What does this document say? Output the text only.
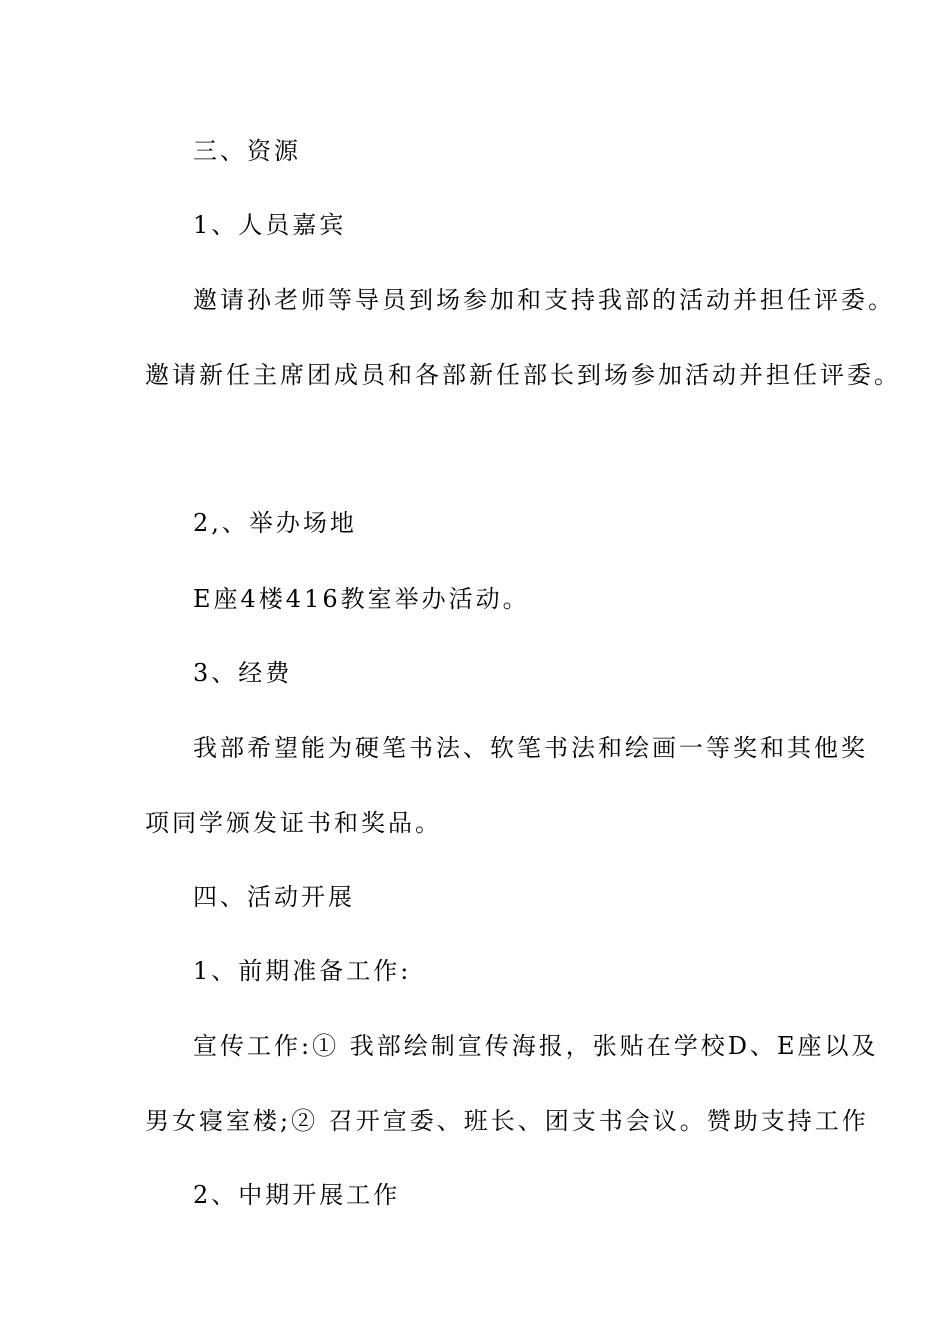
三、资源
1、人员嘉宾
邀请孙老师等导员到场参加和支持我部的活动并担任评委。
邀请新任主席团成员和各部新任部长到场参加活动并担任评委。
2,、举办场地
E座4楼416教室举办活动。
3、经费
我部希望能为硬笔书法、软笔书法和绘画一等奖和其他奖
项同学颁发证书和奖品。
四、活动开展
1、前期准备工作:
宣传工作:① 我部绘制宣传海报，张贴在学校D、E座以及
男女寝室楼;② 召开宣委、班长、团支书会议。赞助支持工作
2、中期开展工作
